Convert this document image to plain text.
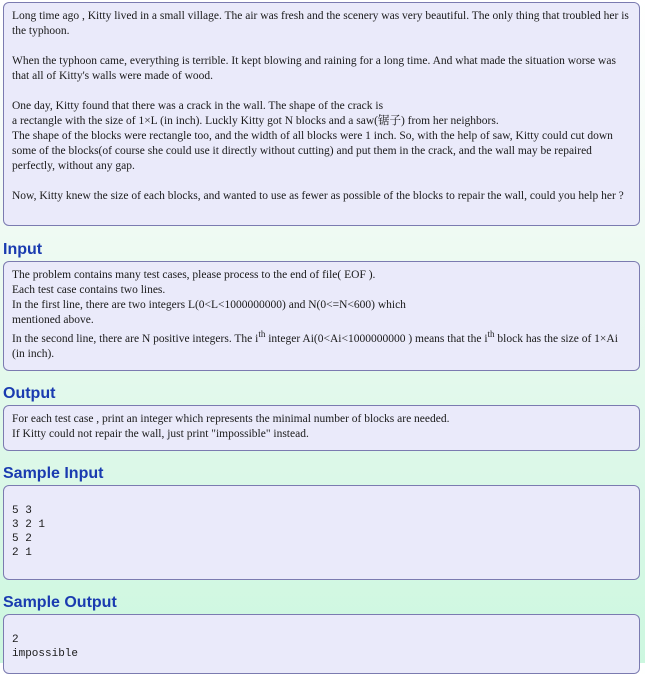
Long time ago , Kitty lived in a small village. The air was fresh and the scenery was very beautiful. The only thing that troubled her is the typhoon.

When the typhoon came, everything is terrible. It kept blowing and raining for a long time. And what made the situation worse was that all of Kitty's walls were made of wood.

One day, Kitty found that there was a crack in the wall. The shape of the crack is

a rectangle with the size of 1×L (in inch). Luckly Kitty got N blocks and a saw(锯子) from her neighbors.

The shape of the blocks were rectangle too, and the width of all blocks were 1 inch. So, with the help of saw, Kitty could cut down some of the blocks(of course she could use it directly without cutting) and put them in the crack, and the wall may be repaired perfectly, without any gap.

Now, Kitty knew the size of each blocks, and wanted to use as fewer as possible of the blocks to repair the wall, could you help her ?

Input

The problem contains many test cases, please process to the end of file( EOF ).

Each test case contains two lines.

In the first line, there are two integers L(0<L<1000000000) and N(0<=N<600) which

mentioned above.

In the second line, there are N positive integers. The $i^{th}$ integer Ai(0<Ai<1000000000 ) means that the $i^{th}$ block has the size of 1×Ai (in inch).

Output

For each test case , print an integer which represents the minimal number of blocks are needed.

If Kitty could not repair the wall, just print "impossible" instead.

Sample Input
5 3
3 2 1
5 2
2 1
Sample Output
2
impossible
